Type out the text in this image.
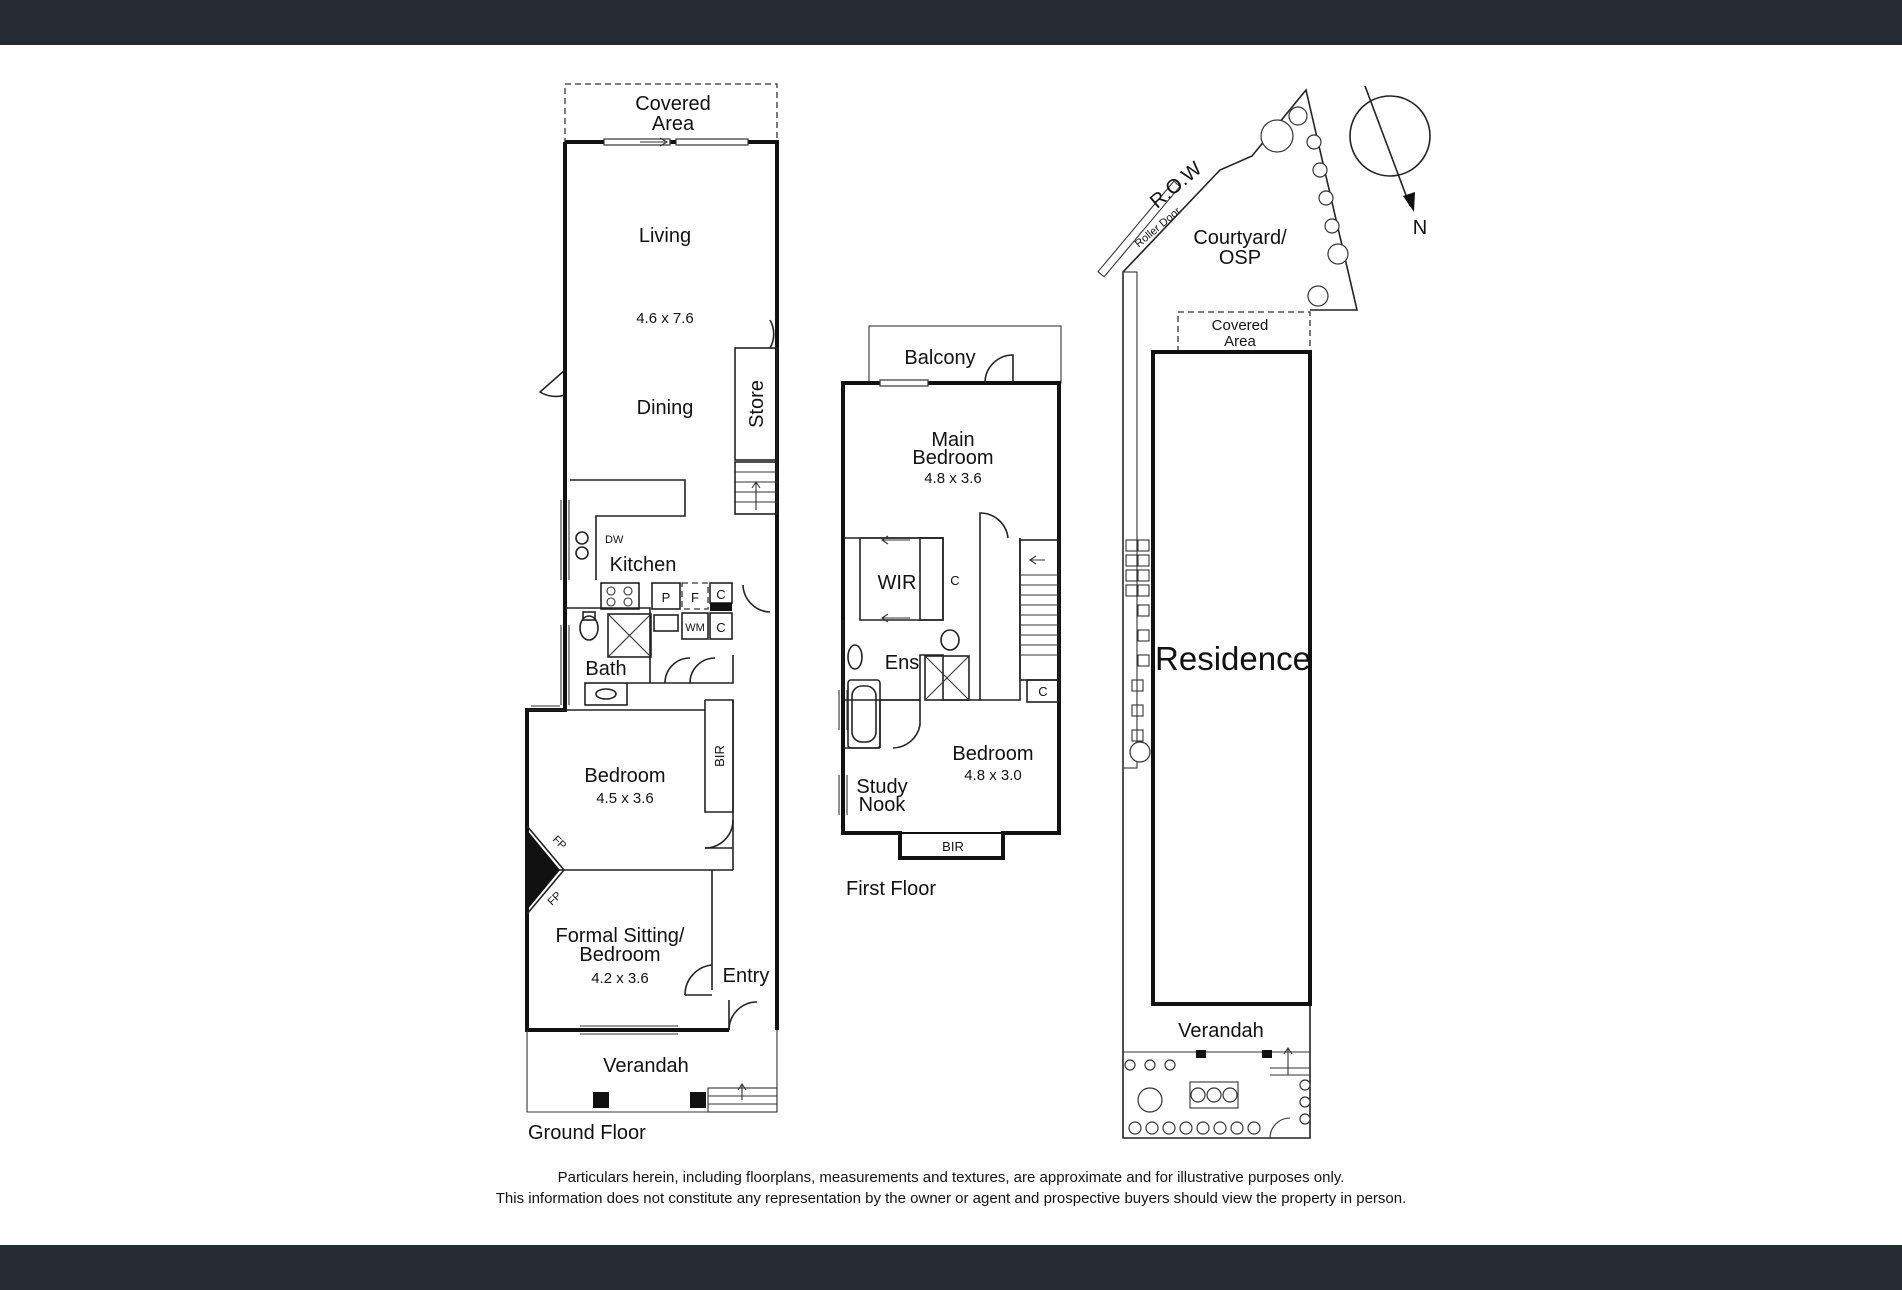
Covered
Area
Living
4.6 x 7.6
Dining	Store
DW
Kitchen
P F C
C
WM
Bath
BIR
Bedroom
4.5 x 3.6
FP
FP
Formal Sitting/
Bedroom
4.2 x 3.6	Entry
Verandah
Ground Floor
Balcony
Main
Bedroom
4.8 x 3.6
WIR	C
Ens
C
Bedroom
4.8 x 3.0
Study
Nook
BIR
First Floor
R.O.W
Roller Door Courtyard/
OSP
Covered
Area
Residence
Verandah
N
Particulars herein, including floorplans, measurements and textures, are approximate and for illustrative purposes only.
This information does not constitute any representation by the owner or agent and prospective buyers should view the property in person.
